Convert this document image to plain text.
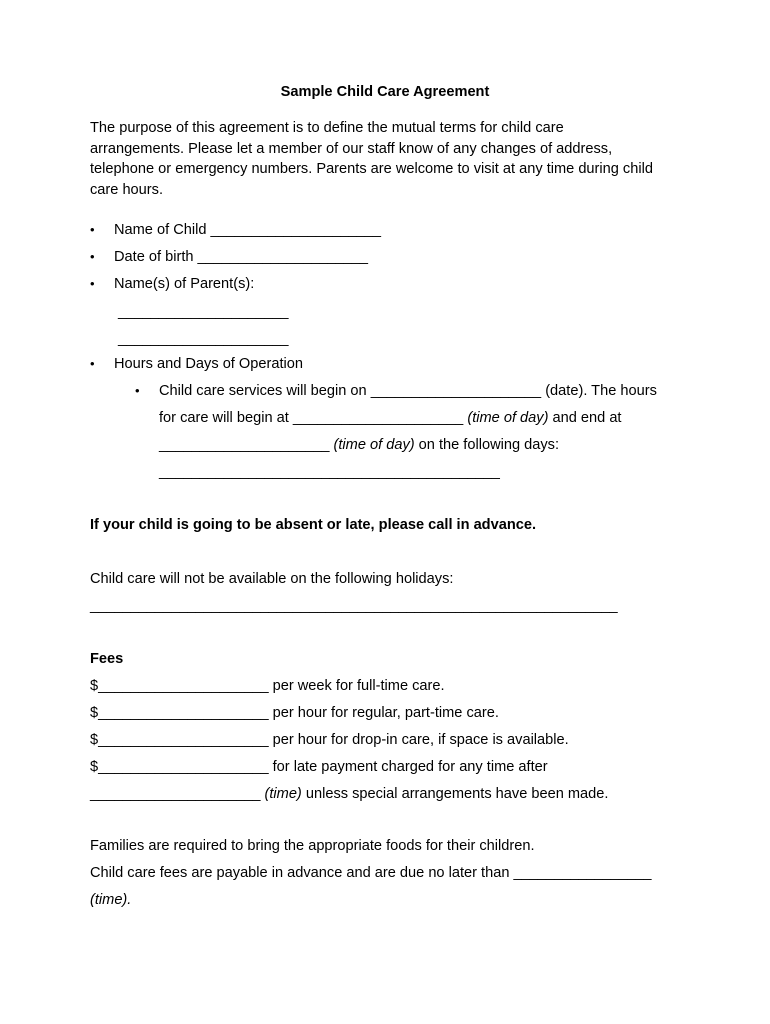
Sample Child Care Agreement
The purpose of this agreement is to define the mutual terms for child care
arrangements. Please let a member of our staff know of any changes of address,
telephone or emergency numbers. Parents are welcome to visit at any time during child
care hours.
• Name of Child _____________________
• Date of birth _____________________
• Name(s) of Parent(s):
_____________________
_____________________
• Hours and Days of Operation
• Child care services will begin on _____________________ (date). The hours
for care will begin at _____________________ (time of day) and end at
_____________________ (time of day) on the following days:
__________________________________________
If your child is going to be absent or late, please call in advance.
Child care will not be available on the following holidays:
_________________________________________________________________
Fees
$_____________________ per week for full-time care.
$_____________________ per hour for regular, part-time care.
$_____________________ per hour for drop-in care, if space is available.
$_____________________ for late payment charged for any time after
_____________________ (time) unless special arrangements have been made.
Families are required to bring the appropriate foods for their children.
Child care fees are payable in advance and are due no later than _________________
(time).
